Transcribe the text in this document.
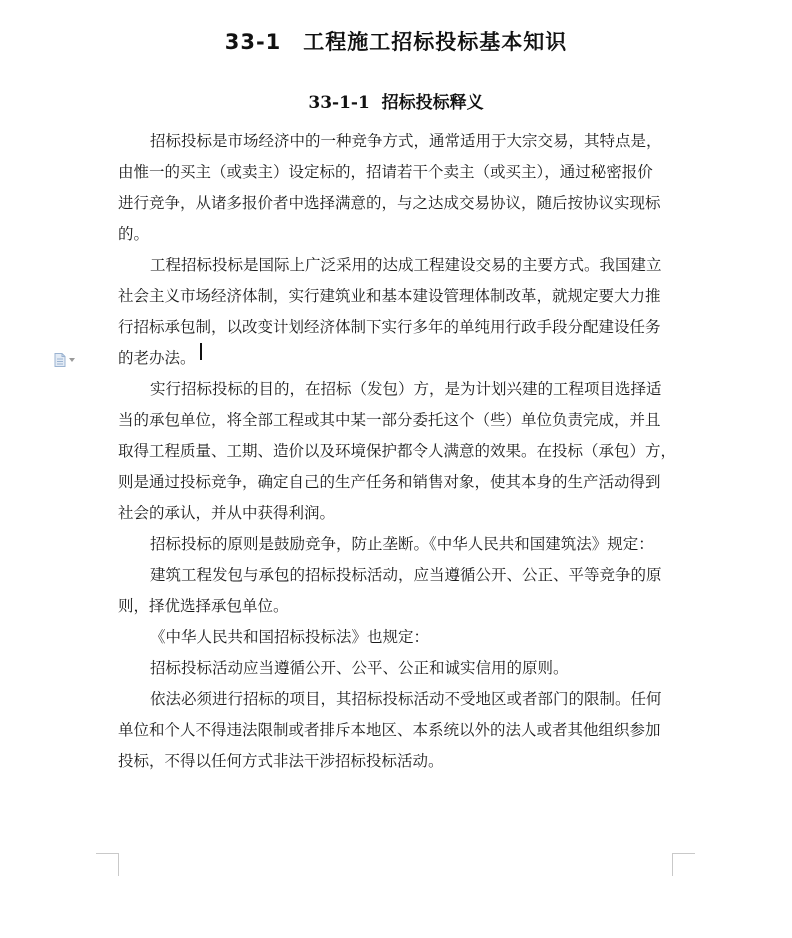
33-1　工程施工招标投标基本知识
33-1-1  招标投标释义
招标投标是市场经济中的一种竞争方式，通常适用于大宗交易，其特点是，
由惟一的买主（或卖主）设定标的，招请若干个卖主（或买主），通过秘密报价
进行竞争，从诸多报价者中选择满意的，与之达成交易协议，随后按协议实现标
的。
工程招标投标是国际上广泛采用的达成工程建设交易的主要方式。我国建立
社会主义市场经济体制，实行建筑业和基本建设管理体制改革，就规定要大力推
行招标承包制，以改变计划经济体制下实行多年的单纯用行政手段分配建设任务
的老办法。
实行招标投标的目的，在招标（发包）方，是为计划兴建的工程项目选择适
当的承包单位，将全部工程或其中某一部分委托这个（些）单位负责完成，并且
取得工程质量、工期、造价以及环境保护都令人满意的效果。在投标（承包）方，
则是通过投标竞争，确定自己的生产任务和销售对象，使其本身的生产活动得到
社会的承认，并从中获得利润。
招标投标的原则是鼓励竞争，防止垄断。《中华人民共和国建筑法》规定：
建筑工程发包与承包的招标投标活动，应当遵循公开、公正、平等竞争的原
则，择优选择承包单位。
《中华人民共和国招标投标法》也规定：
招标投标活动应当遵循公开、公平、公正和诚实信用的原则。
依法必须进行招标的项目，其招标投标活动不受地区或者部门的限制。任何
单位和个人不得违法限制或者排斥本地区、本系统以外的法人或者其他组织参加
投标，不得以任何方式非法干涉招标投标活动。
